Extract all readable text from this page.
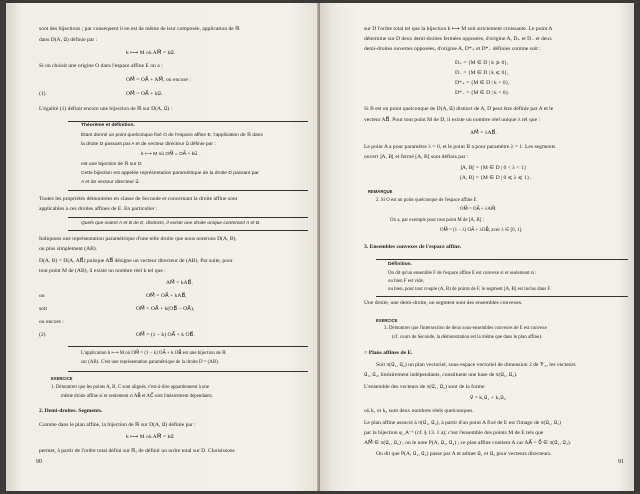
sont des bijections ; par conséquent il en est de même de leur composée, application de ℝ
dans D(A, u⃗) définie par :
k ⟼ M où AM⃗ = ku⃗.
Si on choisit une origine O dans l'espace affine E on a :
OM⃗ = OA⃗ + AM⃗, ou encore :
(1)	OM⃗ = OA⃗ + ku⃗.
L'égalité (1) définit encore une bijection de ℝ sur D(A, u⃗) :
Théorème et définition.
Étant donné un point quelconque fixé O de l'espace affine E, l'application de ℝ dans
la droite D passant par A et de vecteur directeur u⃗ définie par :
k ⟼ M où OM⃗ = OA⃗ + ku⃗
est une bijection de ℝ sur D.
Cette bijection est appelée représentation paramétrique de la droite D passant par
A et de vecteur directeur u⃗.
Toutes les propriétés démontrées en classe de Seconde et concernant la droite affine sont
applicables à ces droites affines de E. En particulier :
Quels que soient A et B de E, distincts, il existe une droite unique contenant A et B.
Indiquons une représentation paramétrique d'une telle droite que nous noterons D(A, B),
ou plus simplement (AB).
D(A, B) = D(A, AB⃗) puisque AB⃗ désigne un vecteur directeur de (AB). Par suite, pour
tout point M de (AB), il existe un nombre réel k tel que :
AM⃗ = kAB⃗.
ou	OM⃗ = OA⃗ + kAB⃗,
soit	OM⃗ = OA⃗ + k(OB⃗ − OA⃗),
ou encore :
(2)	OM⃗ = (1 − k) OA⃗ + k OB⃗.
L'application k ⟼ M où OM⃗ = (1 − k) OA⃗ + k OB⃗ est une bijection de ℝ
sur (AB). C'est une représentation paramétrique de la droite D = (AB).
EXERCICE
1. Démontrer que les points A, B, C sont alignés, c'est-à-dire appartiennent à une
même droite affine si et seulement si AB⃗ et AC⃗ sont linéairement dépendants.
2. Demi-droites. Segments.
Comme dans le plan affine, la bijection de ℝ sur D(A, u⃗) définie par :
k ⟼ M où AM⃗ = ku⃗
permet, à partir de l'ordre total défini sur ℝ, de définir un ordre total sur D. Choisissons
90
sur D l'ordre total tel que la bijection k ⟼ M soit strictement croissante. Le point A
détermine sur D deux demi-droites fermées opposées, d'origine A, D₊ et D₋ et deux
demi-droites ouvertes opposées, d'origine A, D*₊ et D*₋ définies comme suit :
D₊ = {M ∈ D | k ⩾ 0},
D₋ = {M ∈ D | k ⩽ 0},
D*₊ = {M ∈ D | k > 0},
D*₋ = {M ∈ D | k < 0}.
Si B est un point quelconque de D(A, u⃗) distinct de A, D peut être définie par A et le
vecteur AB⃗. Pour tout point M de D, il existe un nombre réel unique λ tel que :
AM⃗ = λAB⃗.
Le point A a pour paramètre λ = 0, et le point B a pour paramètre λ = 1. Les segments
ouvert ]A, B[ et fermé [A, B] sont définis par :
]A, B[ = {M ∈ D | 0 < λ < 1}
[A, B] = {M ∈ D | 0 ⩽ λ ⩽ 1}.
REMARQUE
2. Si O est un point quelconque de l'espace affine E
OM⃗ = OA⃗ + λAM⃗.
On a, par exemple pour tout point M de [A, B] :
OM⃗ = (1 − λ) OA⃗ + λOB⃗, avec λ ∈ [0, 1].
3. Ensembles convexes de l'espace affine.
Définition.
On dit qu'un ensemble F de l'espace affine E est convexe si et seulement si :
ou bien F est vide,
ou bien, pour tout couple (A, B) de points de F, le segment [A, B] est inclus dans F.
Une droite, une demi-droite, un segment sont des ensembles convexes.
EXERCICE
3. Démontrer que l'intersection de deux sous-ensembles convexes de E est convexe
(cf. cours de Seconde, la démonstration est la même que dans le plan affine).
○ Plans affines de E.
Soit π(u⃗₁, u⃗₂) un plan vectoriel, sous-espace vectoriel de dimension 2 de 𝒱₃, les vecteurs
u⃗₁, u⃗₂, linéairement indépendants, constituent une base de π(u⃗₁, u⃗₂).
L'ensemble des vecteurs de π(u⃗₁, u⃗₂) sont de la forme
v⃗ = k₁u⃗₁ + k₂u⃗₂
où k₁ et k₂ sont deux nombres réels quelconques.
Le plan affine associé à π(u⃗₁, u⃗₂), à partir d'un point A fixé de E est l'image de π(u⃗₁, u⃗₂)
par la bijection φ_A⁻¹ (cf. § 13. 1 a); c'est l'ensemble des points M de E tels que
AM⃗ ∈ π(u⃗₁, u⃗₂) ; on le note P(A, u⃗₁, u⃗₂) ; ce plan affine contient A car AA⃗ = 0⃗ ∈ π(u⃗₁, u⃗₂).
On dit que P(A, u⃗₁, u⃗₂) passe par A et admet u⃗₁ et u⃗₂ pour vecteurs directeurs.
91
